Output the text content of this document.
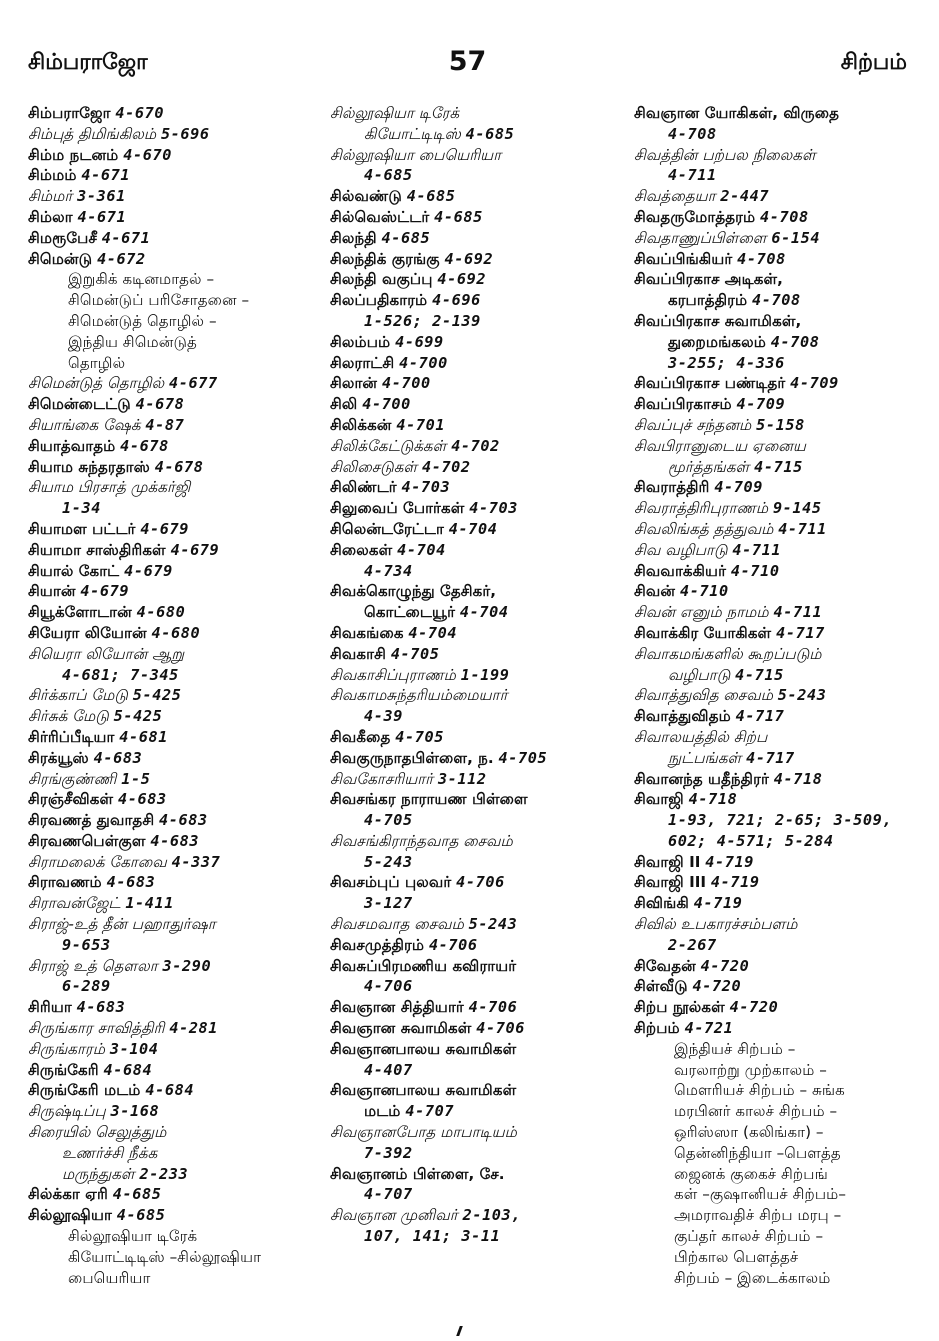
சிம்பராஜோ	57	சிற்பம்
சிம்பராஜோ 4-670
சிம்புத் திமிங்கிலம் 5-696
சிம்ம நடனம் 4-670
சிம்மம் 4-671
சிம்மர் 3-361
சிம்லா 4-671
சிமரூபேசீ 4-671
சிமென்டு 4-672
இறுகிக் கடினமாதல் –
சிமென்டுப் பரிசோதனை –
சிமென்டுத் தொழில் –
இந்திய சிமென்டுத்
தொழில்
சிமென்டுத் தொழில் 4-677
சிமென்டைட்டு 4-678
சியாங்கை ஷேக் 4-87
சியாத்வாதம் 4-678
சியாம சுந்தரதாஸ் 4-678
சியாம பிரசாத் முக்கர்ஜி
1-34
சியாமள பட்டர் 4-679
சியாமா சாஸ்திரிகள் 4-679
சியால் கோட் 4-679
சியான் 4-679
சியூக்ளோடான் 4-680
சியேரா லியோன் 4-680
சியெரா லியோன் ஆறு
4-681; 7-345
சிர்க்காப் மேடு 5-425
சிர்சுக் மேடு 5-425
சிர்ரிப்பீடியா 4-681
சிரக்யூஸ் 4-683
சிரங்குண்ணி 1-5
சிரஞ்சீவிகள் 4-683
சிரவணத் துவாதசி 4-683
சிரவணபெள்குள 4-683
சிராமலைக் கோவை 4-337
சிராவணம் 4-683
சிராவன்ஜேட் 1-411
சிராஜ்-உத் தீன் பஹாதுர்ஷா
9-653
சிராஜ் உத் தௌலா 3-290
6-289
சிரியா 4-683
சிருங்கார சாவித்திரி 4-281
சிருங்காரம் 3-104
சிருங்கேரி 4-684
சிருங்கேரி மடம் 4-684
சிருஷ்டிப்பு 3-168
சிரையில் செலுத்தும்
உணர்ச்சி நீக்க
மருந்துகள் 2-233
சில்க்கா ஏரி 4-685
சில்லூஷியா 4-685
சில்லூஷியா டிரேக்
கியோட்டிடிஸ் –சில்லூஷியா
பையெரியா
சில்லூஷியா டிரேக்
கியோட்டிடிஸ் 4-685
சில்லூஷியா பையெரியா
4-685
சில்வண்டு 4-685
சில்வெஸ்ட்டர் 4-685
சிலந்தி 4-685
சிலந்திக் குரங்கு 4-692
சிலந்தி வகுப்பு 4-692
சிலப்பதிகாரம் 4-696
1-526; 2-139
சிலம்பம் 4-699
சிலராட்சி 4-700
சிலான் 4-700
சிலி 4-700
சிலிக்கன் 4-701
சிலிக்கேட்டுக்கள் 4-702
சிலிசைடுகள் 4-702
சிலிண்டர் 4-703
சிலுவைப் போர்கள் 4-703
சிலென்டரேட்டா 4-704
சிலைகள் 4-704
4-734
சிவக்கொழுந்து தேசிகர்,
கொட்டையூர் 4-704
சிவகங்கை 4-704
சிவகாசி 4-705
சிவகாசிப்புராணம் 1-199
சிவகாமசுந்தரியம்மையார்
4-39
சிவகீதை 4-705
சிவகுருநாதபிள்ளை, ந. 4-705
சிவகோசரியார் 3-112
சிவசங்கர நாராயண பிள்ளை
4-705
சிவசங்கிராந்தவாத சைவம்
5-243
சிவசம்புப் புலவர் 4-706
3-127
சிவசமவாத சைவம் 5-243
சிவசமுத்திரம் 4-706
சிவசுப்பிரமணிய கவிராயர்
4-706
சிவஞான சித்தியார் 4-706
சிவஞான சுவாமிகள் 4-706
சிவஞானபாலய சுவாமிகள்
4-407
சிவஞானபாலய சுவாமிகள்
மடம் 4-707
சிவஞானபோத மாபாடியம்
7-392
சிவஞானம் பிள்ளை, சே.
4-707
சிவஞான முனிவர் 2-103,
107, 141; 3-11
சிவஞான யோகிகள், விருதை
4-708
சிவத்தின் பற்பல நிலைகள்
4-711
சிவத்தையா 2-447
சிவதருமோத்தரம் 4-708
சிவதாணுப்பிள்ளை 6-154
சிவப்பிங்கியர் 4-708
சிவப்பிரகாச அடிகள்,
கரபாத்திரம் 4-708
சிவப்பிரகாச சுவாமிகள்,
துறைமங்கலம் 4-708
3-255; 4-336
சிவப்பிரகாச பண்டிதர் 4-709
சிவப்பிரகாசம் 4-709
சிவப்புச் சந்தனம் 5-158
சிவபிரானுடைய ஏனைய
மூர்த்தங்கள் 4-715
சிவராத்திரி 4-709
சிவராத்திரிபுராணம் 9-145
சிவலிங்கத் தத்துவம் 4-711
சிவ வழிபாடு 4-711
சிவவாக்கியர் 4-710
சிவன் 4-710
சிவன் எனும் நாமம் 4-711
சிவாக்கிர யோகிகள் 4-717
சிவாகமங்களில் கூறப்படும்
வழிபாடு 4-715
சிவாத்துவித சைவம் 5-243
சிவாத்துவிதம் 4-717
சிவாலயத்தில் சிற்ப
நுட்பங்கள் 4-717
சிவானந்த யதீந்திரர் 4-718
சிவாஜி 4-718
1-93, 721; 2-65; 3-509,
602; 4-571; 5-284
சிவாஜி II 4-719
சிவாஜி III 4-719
சிவிங்கி 4-719
சிவில் உபகாரச்சம்பளம்
2-267
சிவேதன் 4-720
சிள்வீடு 4-720
சிற்ப நூல்கள் 4-720
சிற்பம் 4-721
இந்தியச் சிற்பம் –
வரலாற்று முற்காலம் –
மௌரியச் சிற்பம் – சுங்க
மரபினர் காலச் சிற்பம் –
ஒரிஸ்ஸா (கலிங்கா) –
தென்னிந்தியா –பௌத்த
ஜைனக் குகைச் சிற்பங்
கள் –குஷானியச் சிற்பம்–
அமராவதிச் சிற்ப மரபு –
குப்தர் காலச் சிற்பம் –
பிற்கால பௌத்தச்
சிற்பம் – இடைக்காலம்
